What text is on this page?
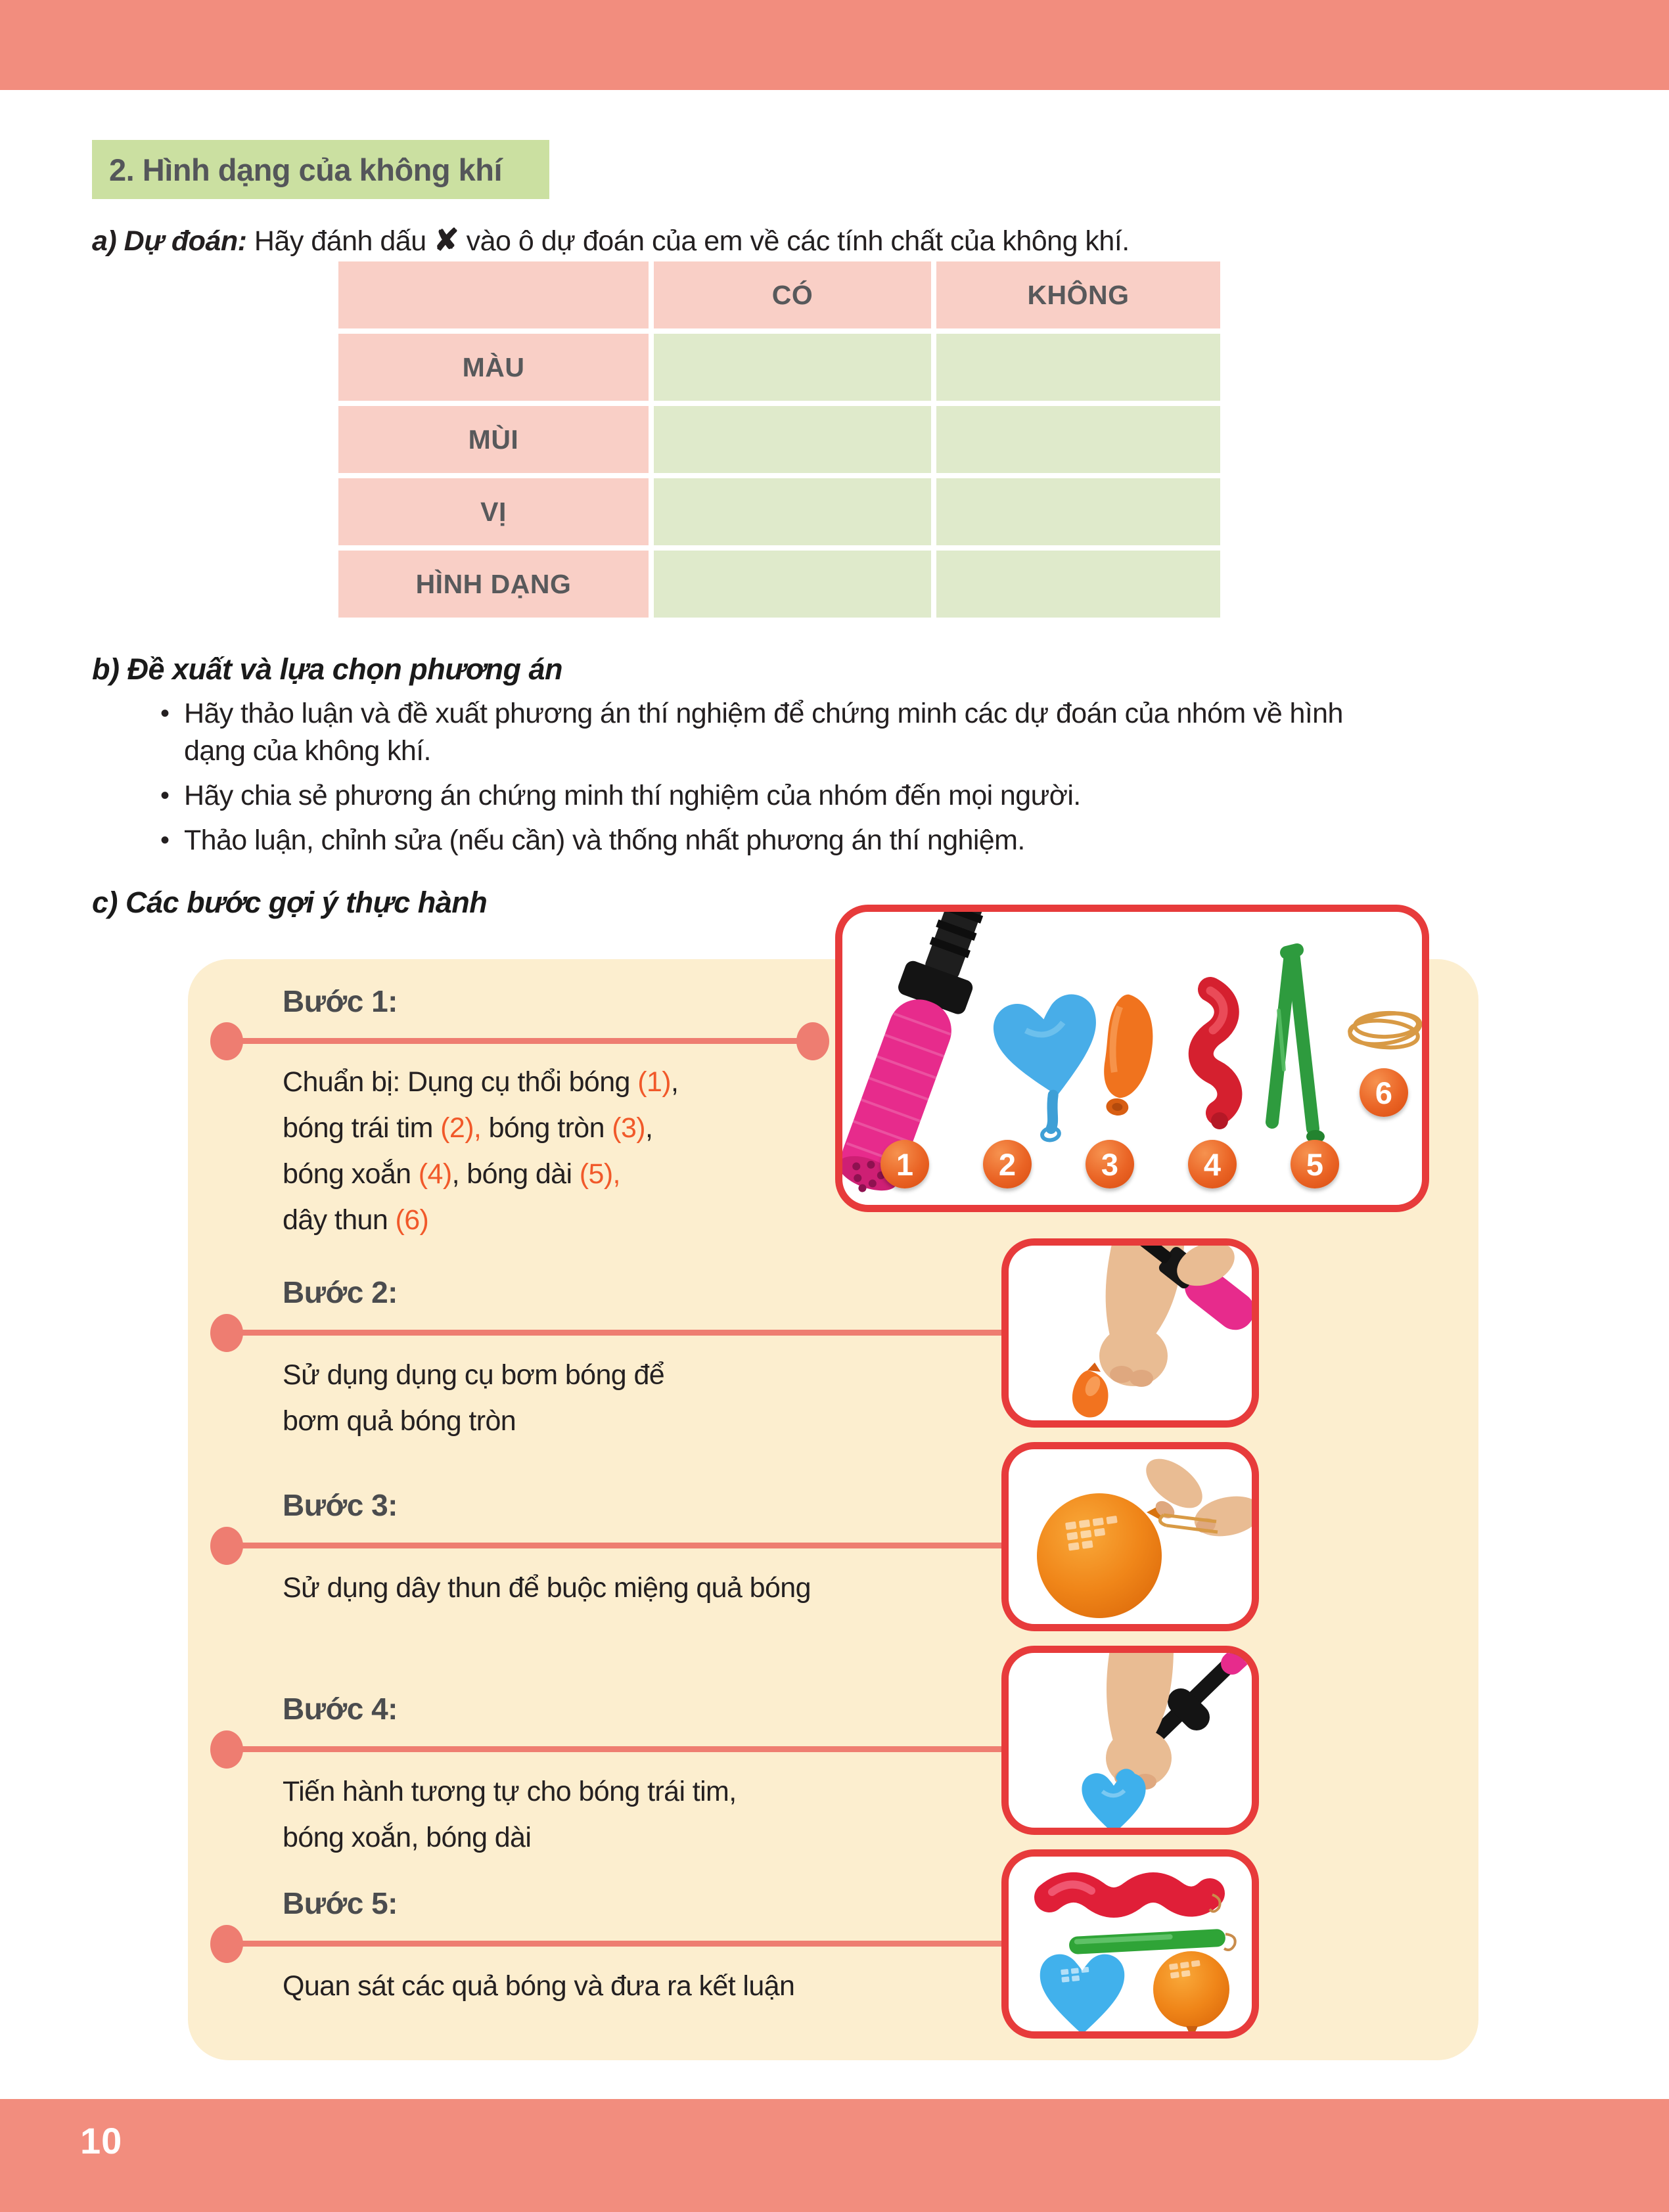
2. Hình dạng của không khí
a) Dự đoán: Hãy đánh dấu ✘ vào ô dự đoán của em về các tính chất của không khí.
	CÓ	KHÔNG
MÀU		
MÙI		
VỊ		
HÌNH DẠNG		
b) Đề xuất và lựa chọn phương án
• Hãy thảo luận và đề xuất phương án thí nghiệm để chứng minh các dự đoán của nhóm về hình dạng của không khí.
• Hãy chia sẻ phương án chứng minh thí nghiệm của nhóm đến mọi người.
• Thảo luận, chỉnh sửa (nếu cần) và thống nhất phương án thí nghiệm.
c) Các bước gợi ý thực hành
Bước 1:
Chuẩn bị: Dụng cụ thổi bóng (1),
bóng trái tim (2), bóng tròn (3),
bóng xoắn (4), bóng dài (5),
dây thun (6)
1	2	3	4	5
6
Bước 2:
Sử dụng dụng cụ bơm bóng để
bơm quả bóng tròn
Bước 3:
Sử dụng dây thun để buộc miệng quả bóng
Bước 4:
Tiến hành tương tự cho bóng trái tim,
bóng xoắn, bóng dài
Bước 5:
Quan sát các quả bóng và đưa ra kết luận
10
